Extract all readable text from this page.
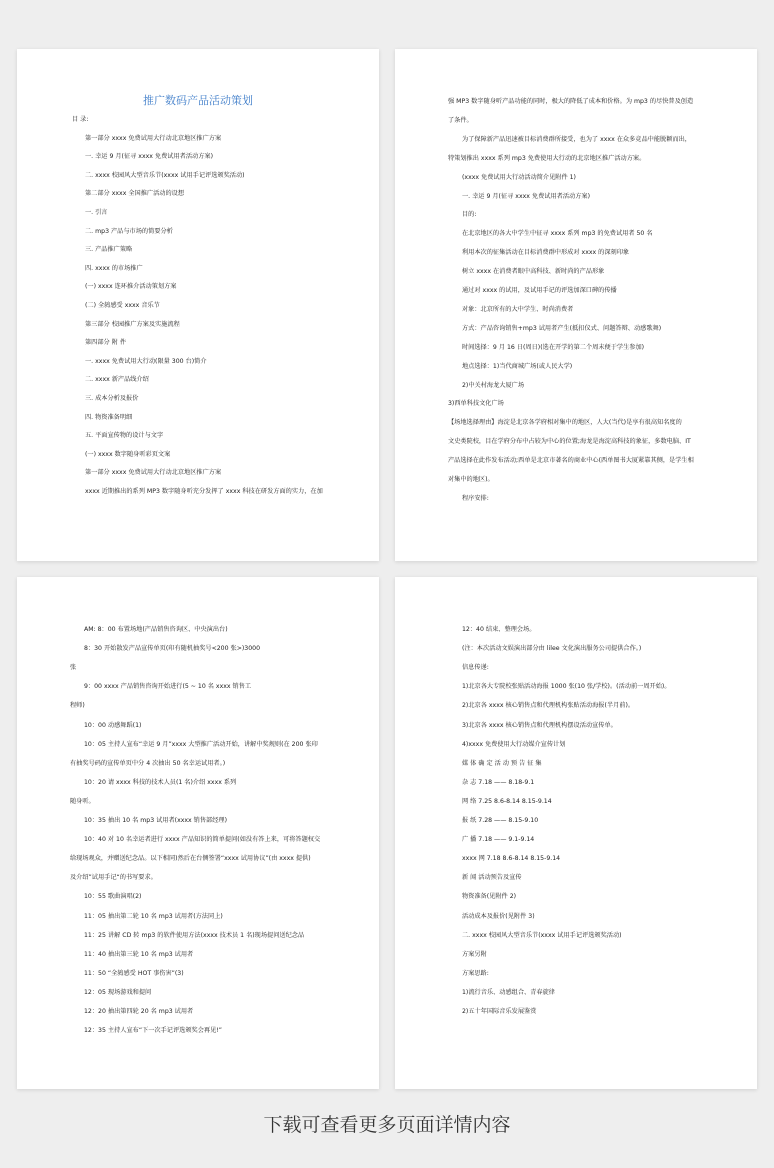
推广数码产品活动策划
目 录:
第一部分 xxxx 免费试用大行动北京地区推广方案
一. 幸运 9 月(征寻 xxxx 免费试用者活动方案)
二. xxxx 校园风大型音乐节(xxxx 试用手记评选颁奖活动)
第二部分 xxxx 全国推广活动的设想
一. 引言
二. mp3 产品与市场的简要分析
三. 产品推广策略
四. xxxx 的市场推广
(一) xxxx 连环推介活动策划方案
(二) 全鸫感受 xxxx 音乐节
第三部分 校园推广方案及实施流程
第四部分 附 件
一. xxxx 免费试用大行动(限量 300 台)简介
二. xxxx 新产品线介绍
三. 成本分析及报价
四. 物资准备明细
五. 平面宣传物的设计与文字
(一) xxxx 数字随身听彩页文案
第一部分 xxxx 免费试用大行动北京地区推广方案
xxxx 近期推出的系列 MP3 数字随身听充分发挥了 xxxx 科技在研发方面的实力，在加
强 MP3 数字随身听产品功能的同时，极大的降低了成本和价格。为 mp3 的尽快普及创造
了条件。
为了保障新产品迅速被目标消费群所接受，也为了 xxxx 在众多竞品中能脱颖而出，
特策划推出 xxxx 系列 mp3 免费使用大行动的北京地区推广活动方案。
(xxxx 免费试用大行动活动简介见附件 1)
一. 幸运 9 月(征寻 xxxx 免费试用者活动方案)
目的:
在北京地区的各大中学生中征寻 xxxx 系列 mp3 的免费试用者 50 名
利用本次的征集活动在目标消费群中形成对 xxxx 的深刻印象
树立 xxxx 在消费者眼中高科技、新时尚的产品形象
通过对 xxxx 的试用，及试用手记的评选加深口碑的传播
对象：北京所有的大中学生、时尚消费者
方式：产品咨询销售+mp3 试用者产生(抵扣仪式、问题答辩、动感歌舞)
时间选择：9 月 16 日(周日)(选在开学的第二个周末便于学生参加)
地点选择：1)当代商城广场(或人民大学)
2)中关村海龙大厦广场
3)西单科技文化广场
【场地选择理由】海淀是北京各学府相对集中的地区，人大(当代)是享有很高知名度的
文史类院校，目在学府分布中占较为中心的位置;海龙是海淀高科技的象征，多数电脑、IT
产品选择在此作发布活动;西单是北京市著名的商业中心(西单图书大厦紧靠其侧，是学生相
对集中的地区)。
程序安排:
AM: 8：00 布置场地(产品销售咨询区、中央演出台)
8：30 开始散发产品宣传单页(印有随机抽奖号<200 张>)3000
张
9：00 xxxx 产品销售咨询开始进行(5 ~ 10 名 xxxx 销售工
程师)
10：00 动感舞蹈(1)
10：05 主持人宣布“幸运 9 月”xxxx 大型推广活动开始，讲解中奖规则(在 200 张印
有抽奖号码的宣传单页中分 4 次抽出 50 名幸运试用者。)
10：20 请 xxxx 科技的技术人员(1 名)介绍 xxxx 系列
随身听。
10：35 抽出 10 名 mp3 试用者(xxxx 销售部经理)
10：40 对 10 名幸运者进行 xxxx 产品知识的简单提问(如没有答上来，可将答题权交
给现场观众，并赠送纪念品。以下相同)然后在台侧签署“xxxx 试用协议”(由 xxxx 提供)
及介绍”试用手记“的书写要求。
10：55 歌曲演唱(2)
11：05 抽出第二轮 10 名 mp3 试用者(方法同上)
11：25 讲解 CD 转 mp3 的软件使用方法(xxxx 技术员 1 名)现场提问送纪念品
11：40 抽出第三轮 10 名 mp3 试用者
11：50 “全鸫感受 HOT 事伤害”(3)
12：05 现场游戏和提问
12：20 抽出第四轮 20 名 mp3 试用者
12：35 主持人宣布“下一次手记评选颁奖会再见!”
12：40 结束、整理会场。
(注：本次活动文娱演出部分由 lilee 文化演出服务公司提供合作。)
信息传递:
1)北京各大专院校张贴活动海报 1000 张(10 张/学校)。(活动前一周开始)。
2)北京各 xxxx 核心销售点和代理机构张贴活动海报(半月前)。
3)北京各 xxxx 核心销售点和代理机构摆设活动宣传单。
4)xxxx 免费使用大行动媒介宣传计划
媒 体 确 定 活 动 预 告 征 集
杂 志 7.18 —— 8.18-9.1
网 络 7.25 8.6-8.14 8.15-9.14
报 纸 7.28 —— 8.15-9.10
广 播 7.18 —— 9.1-9.14
xxxx 网 7.18 8.6-8.14 8.15-9.14
新 闻 活动预告及宣传
物资准备(见附件 2)
活动成本及报价(见附件 3)
二. xxxx 校园风大型音乐节(xxxx 试用手记评选颁奖活动)
方案另附
方案思路:
1)流行音乐、动感组合、青春旋律
2)五十年国际音乐发展鉴赏
下载可查看更多页面详情内容
